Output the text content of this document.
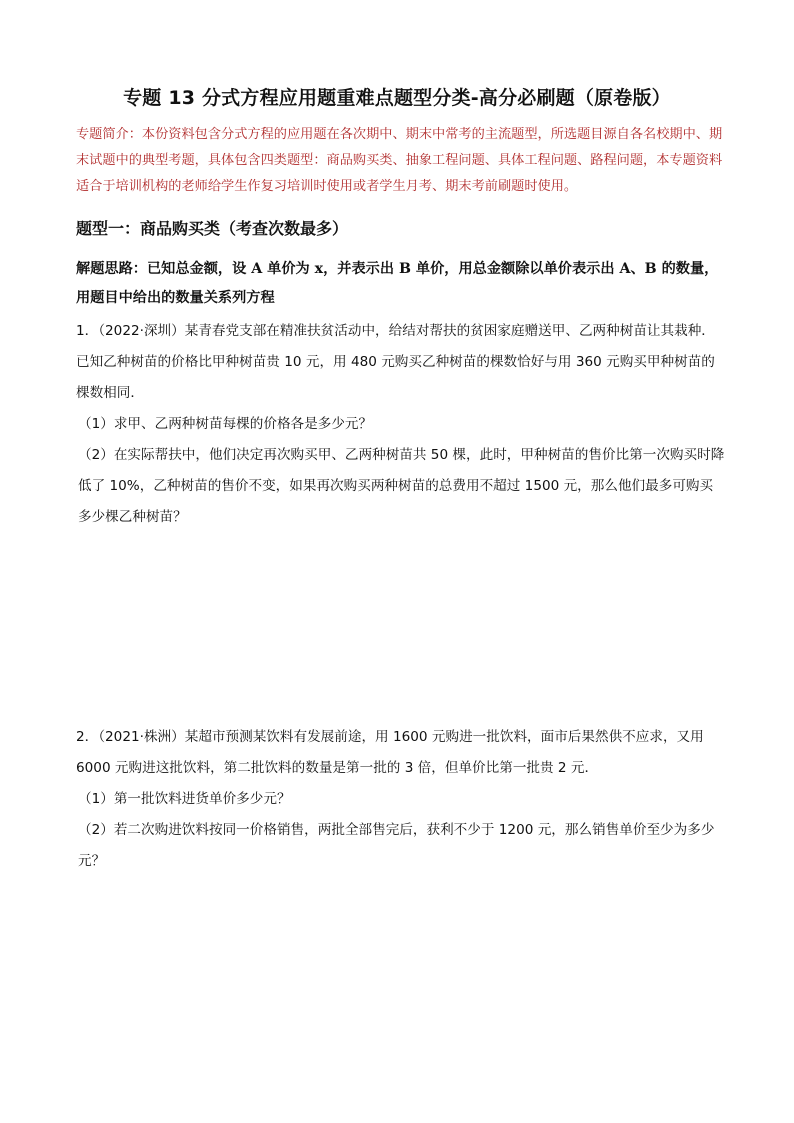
专题 13 分式方程应用题重难点题型分类-高分必刷题（原卷版）
专题简介：本份资料包含分式方程的应用题在各次期中、期末中常考的主流题型，所选题目源自各名校期中、期末试题中的典型考题，具体包含四类题型：商品购买类、抽象工程问题、具体工程问题、路程问题，本专题资料适合于培训机构的老师给学生作复习培训时使用或者学生月考、期末考前刷题时使用。
题型一：商品购买类（考查次数最多）
解题思路：已知总金额，设 A 单价为 x，并表示出 B 单价，用总金额除以单价表示出 A、B 的数量，用题目中给出的数量关系列方程

1．（2022·深圳）某青春党支部在精准扶贫活动中，给结对帮扶的贫困家庭赠送甲、乙两种树苗让其栽种．已知乙种树苗的价格比甲种树苗贵 10 元，用 480 元购买乙种树苗的棵数恰好与用 360 元购买甲种树苗的棵数相同．

（1）求甲、乙两种树苗每棵的价格各是多少元？

（2）在实际帮扶中，他们决定再次购买甲、乙两种树苗共 50 棵，此时，甲种树苗的售价比第一次购买时降低了 10%，乙种树苗的售价不变，如果再次购买两种树苗的总费用不超过 1500 元，那么他们最多可购买多少棵乙种树苗？

2．（2021·株洲）某超市预测某饮料有发展前途，用 1600 元购进一批饮料，面市后果然供不应求，又用 6000 元购进这批饮料，第二批饮料的数量是第一批的 3 倍，但单价比第一批贵 2 元．

（1）第一批饮料进货单价多少元？

（2）若二次购进饮料按同一价格销售，两批全部售完后，获利不少于 1200 元，那么销售单价至少为多少元？
